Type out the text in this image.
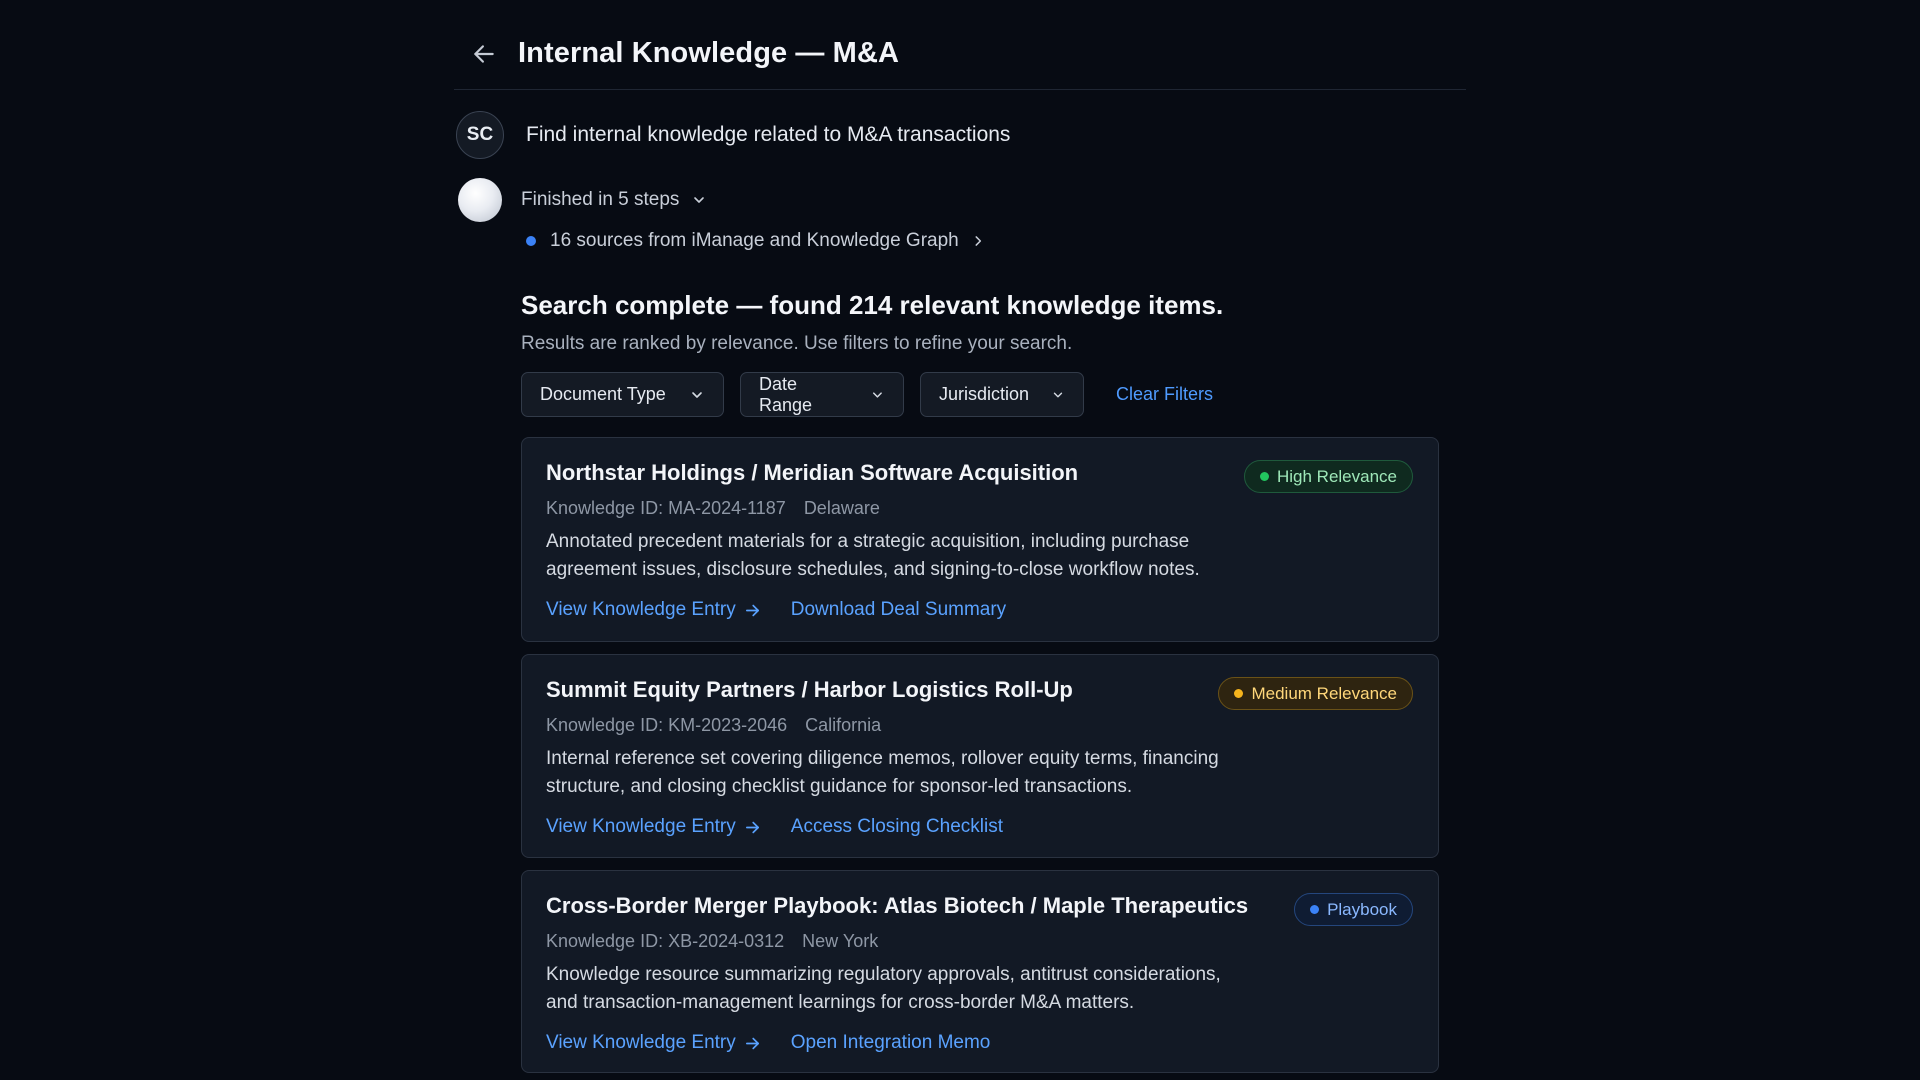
Internal Knowledge — M&A
SC	Find internal knowledge related to M&A transactions
Finished in 5 steps
16 sources from iManage and Knowledge Graph
Search complete — found 214 relevant knowledge items.
Results are ranked by relevance. Use filters to refine your search.
Document Type
Date Range
Jurisdiction	Clear Filters
Northstar Holdings / Meridian Software Acquisition	High Relevance
Knowledge ID: MA-2024-1187 Delaware
Annotated precedent materials for a strategic acquisition, including purchase agreement issues, disclosure schedules, and signing-to-close workflow notes.
View Knowledge Entry	Download Deal Summary
Summit Equity Partners / Harbor Logistics Roll-Up	Medium Relevance
Knowledge ID: KM-2023-2046 California
Internal reference set covering diligence memos, rollover equity terms, financing structure, and closing checklist guidance for sponsor-led transactions.
View Knowledge Entry	Access Closing Checklist
Cross-Border Merger Playbook: Atlas Biotech / Maple Therapeutics	Playbook
Knowledge ID: XB-2024-0312 New York
Knowledge resource summarizing regulatory approvals, antitrust considerations, and transaction-management learnings for cross-border M&A matters.
View Knowledge Entry	Open Integration Memo
